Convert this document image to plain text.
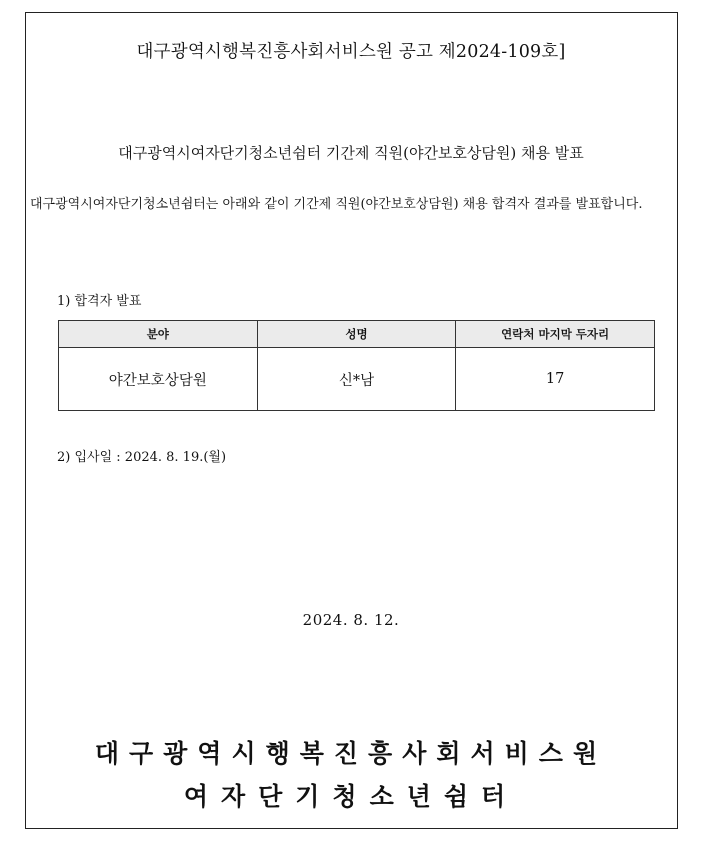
대구광역시행복진흥사회서비스원 공고 제2024-109호]
대구광역시여자단기청소년쉼터 기간제 직원(야간보호상담원) 채용 발표
대구광역시여자단기청소년쉼터는 아래와 같이 기간제 직원(야간보호상담원) 채용 합격자 결과를 발표합니다.
1) 합격자 발표
분야	성명	연락처 마지막 두자리
야간보호상담원	신*남	17
2) 입사일 : 2024. 8. 19.(월)
2024. 8. 12.
대구광역시행복진흥사회서비스원
여자단기청소년쉼터
